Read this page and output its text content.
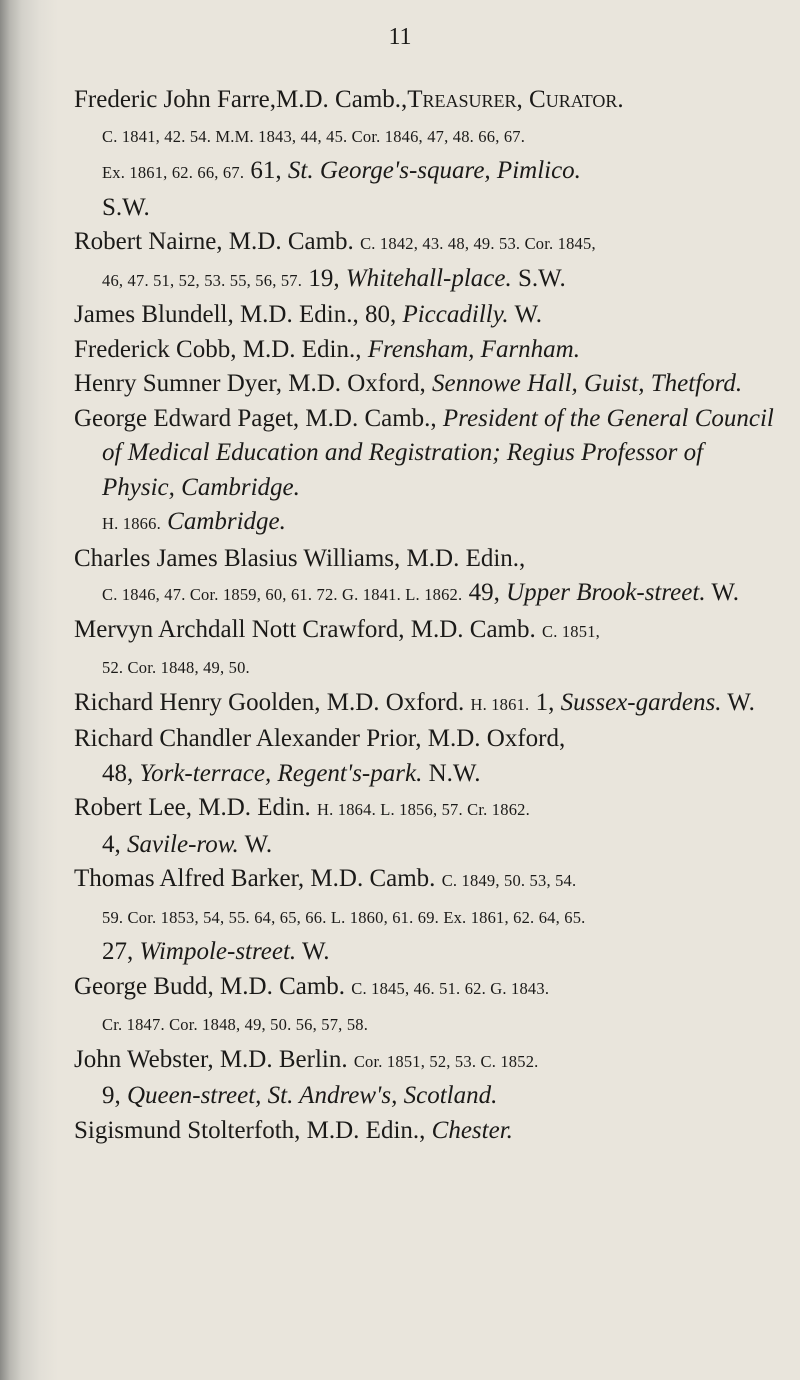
11
Frederic John Farre,M.D. Camb.,Treasurer, Curator.
C. 1841, 42. 54. M.M. 1843, 44, 45. Cor. 1846, 47, 48. 66, 67.
Ex. 1861, 62. 66, 67. 61, St. George's-square, Pimlico.
S.W.
Robert Nairne, M.D. Camb. C. 1842, 43. 48, 49. 53. Cor. 1845,
46, 47. 51, 52, 53. 55, 56, 57. 19, Whitehall-place. S.W.
James Blundell, M.D. Edin., 80, Piccadilly. W.
Frederick Cobb, M.D. Edin., Frensham, Farnham.
Henry Sumner Dyer, M.D. Oxford, Sennowe Hall, Guist, Thetford.
George Edward Paget, M.D. Camb., President of the General Council of Medical Education and Registration; Regius Professor of Physic, Cambridge.
H. 1866. Cambridge.
Charles James Blasius Williams, M.D. Edin.,
C. 1846, 47. Cor. 1859, 60, 61. 72. G. 1841. L. 1862. 49, Upper Brook-street. W.
Mervyn Archdall Nott Crawford, M.D. Camb. C. 1851,
52. Cor. 1848, 49, 50.
Richard Henry Goolden, M.D. Oxford. H. 1861. 1, Sussex-gardens. W.
Richard Chandler Alexander Prior, M.D. Oxford,
48, York-terrace, Regent's-park. N.W.
Robert Lee, M.D. Edin. H. 1864. L. 1856, 57. Cr. 1862.
4, Savile-row. W.
Thomas Alfred Barker, M.D. Camb. C. 1849, 50. 53, 54.
59. Cor. 1853, 54, 55. 64, 65, 66. L. 1860, 61. 69. Ex. 1861, 62. 64, 65.
27, Wimpole-street. W.
George Budd, M.D. Camb. C. 1845, 46. 51. 62. G. 1843.
Cr. 1847. Cor. 1848, 49, 50. 56, 57, 58.
John Webster, M.D. Berlin. Cor. 1851, 52, 53. C. 1852.
9, Queen-street, St. Andrew's, Scotland.
Sigismund Stolterfoth, M.D. Edin., Chester.
